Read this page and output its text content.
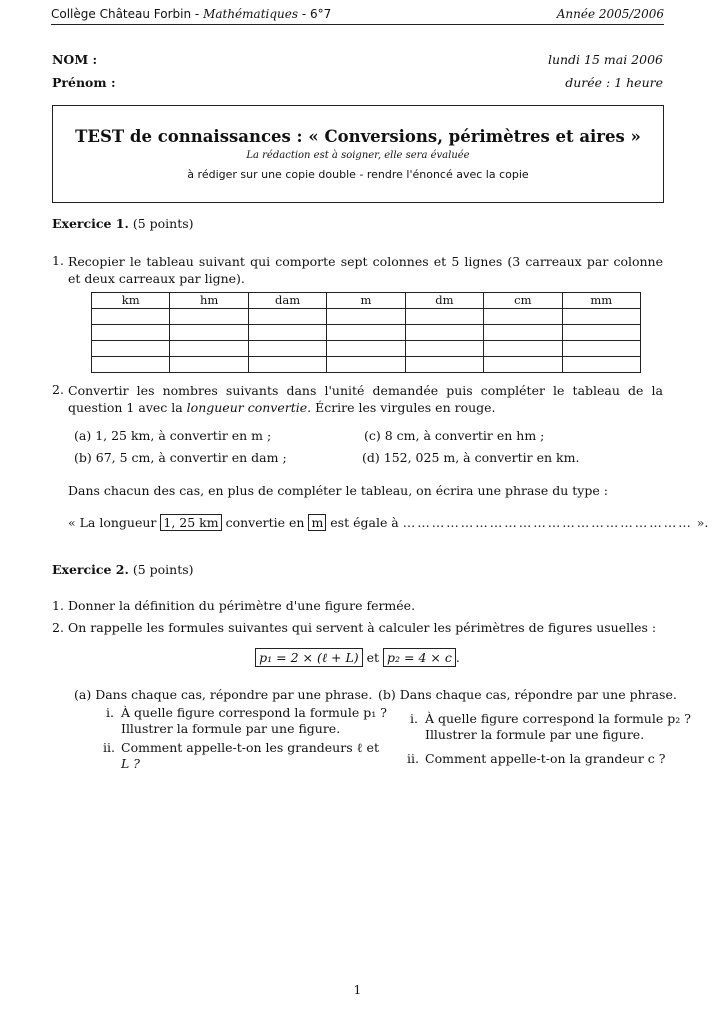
Collège Château Forbin - Mathématiques - 6°7	Année 2005/2006
NOM :
Prénom :
lundi 15 mai 2006
durée : 1 heure
TEST de connaissances : « Conversions, périmètres et aires »
La rédaction est à soigner, elle sera évaluée
à rédiger sur une copie double - rendre l'énoncé avec la copie
Exercice 1. (5 points)
1. Recopier le tableau suivant qui comporte sept colonnes et 5 lignes (3 carreaux par colonne et deux carreaux par ligne).
km	hm	dam	m	dm	cm	mm

2. Convertir les nombres suivants dans l'unité demandée puis compléter le tableau de la question 1 avec la longueur convertie. Écrire les virgules en rouge.
(a) 1, 25 km, à convertir en m ;
(b) 67, 5 cm, à convertir en dam ;
(c) 8 cm, à convertir en hm ;
(d) 152, 025 m, à convertir en km.
Dans chacun des cas, en plus de compléter le tableau, on écrira une phrase du type :
« La longueur 1, 25 km convertie en m est égale à …………………………………………………… ».
Exercice 2. (5 points)
1. Donner la définition du périmètre d'une figure fermée.
2. On rappelle les formules suivantes qui servent à calculer les périmètres de figures usuelles :
p₁ = 2 × (ℓ + L) et p₂ = 4 × c .
(a) Dans chaque cas, répondre par une phrase.
i. À quelle figure correspond la formule p₁ ?
Illustrer la formule par une figure.
ii. Comment appelle-t-on les grandeurs ℓ et
L ?
(b) Dans chaque cas, répondre par une phrase.
i. À quelle figure correspond la formule p₂ ?
Illustrer la formule par une figure.
ii. Comment appelle-t-on la grandeur c ?
1
